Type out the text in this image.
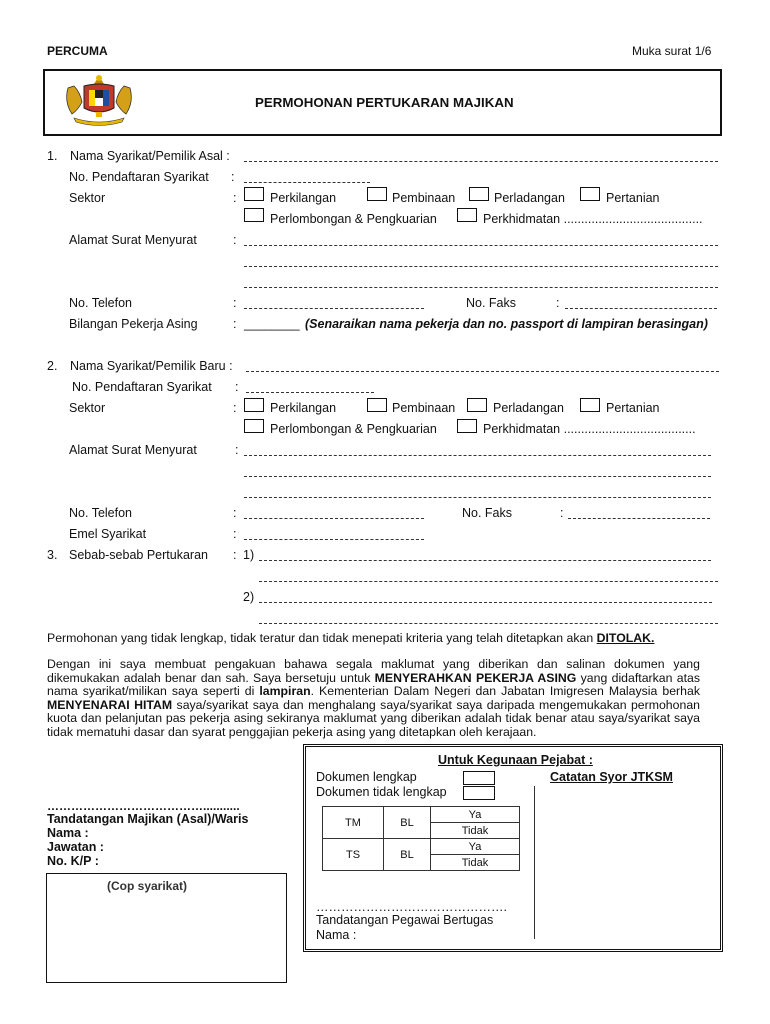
PERCUMA	Muka surat 1/6
PERMOHONAN PERTUKARAN MAJIKAN
1. Nama Syarikat/Pemilik Asal :
No. Pendaftaran Syarikat :
Sektor	:	Perkilangan	Pembinaan	Perladangan	Pertanian
Perlombongan & Pengkuarian	Perkhidmatan ........................................
Alamat Surat Menyurat	:
No. Telefon	:	No. Faks	:
Bilangan Pekerja Asing	: ________ (Senaraikan nama pekerja dan no. passport di lampiran berasingan)
2. Nama Syarikat/Pemilik Baru :
No. Pendaftaran Syarikat :
Sektor	:	Perkilangan	Pembinaan	Perladangan	Pertanian
Perlombongan & Pengkuarian	Perkhidmatan ......................................
Alamat Surat Menyurat	:
No. Telefon	:	No. Faks	:
Emel Syarikat	:
3. Sebab-sebab Pertukaran : 1)
2)
Permohonan yang tidak lengkap, tidak teratur dan tidak menepati kriteria yang telah ditetapkan akan DITOLAK.
Dengan ini saya membuat pengakuan bahawa segala maklumat yang diberikan dan salinan dokumen yang dikemukakan adalah benar dan sah. Saya bersetuju untuk MENYERAHKAN PEKERJA ASING yang didaftarkan atas nama syarikat/milikan saya seperti di lampiran. Kementerian Dalam Negeri dan Jabatan Imigresen Malaysia berhak MENYENARAI HITAM saya/syarikat saya dan menghalang saya/syarikat saya daripada mengemukakan permohonan kuota dan pelanjutan pas pekerja asing sekiranya maklumat yang diberikan adalah tidak benar atau saya/syarikat saya tidak mematuhi dasar dan syarat penggajian pekerja asing yang ditetapkan oleh kerajaan.
…………………………………...........
Tandatangan Majikan (Asal)/Waris
Nama :
Jawatan :
No. K/P :
(Cop syarikat)
Untuk Kegunaan Pejabat :
Dokumen lengkap
Dokumen tidak lengkap
Catatan Syor JTKSM
TM	BL	Ya
		Tidak
TS	BL	Ya
		Tidak
……………………………………….
Tandatangan Pegawai Bertugas
Nama :
